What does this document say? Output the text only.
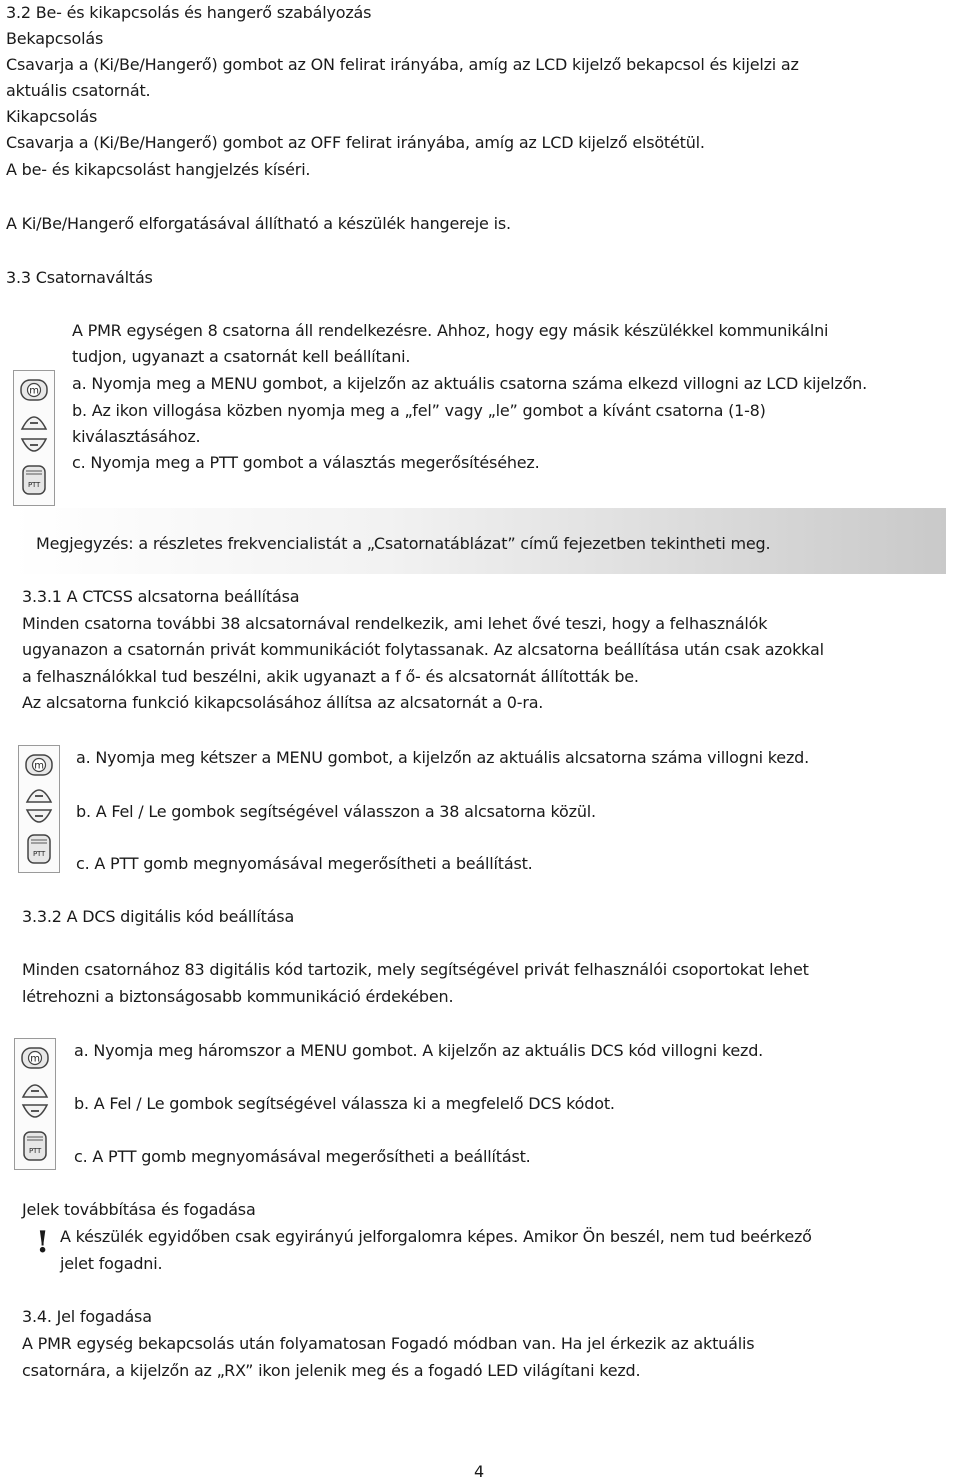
3.2 Be- és kikapcsolás és hangerő szabályozás

Bekapcsolás

Csavarja a (Ki/Be/Hangerő) gombot az ON felirat irányába, amíg az LCD kijelző bekapcsol és kijelzi az

aktuális csatornát.

Kikapcsolás

Csavarja a (Ki/Be/Hangerő) gombot az OFF felirat irányába, amíg az LCD kijelző elsötétül.

A be- és kikapcsolást hangjelzés kíséri.

A Ki/Be/Hangerő elforgatásával állítható a készülék hangereje is.

3.3 Csatornaváltás

A PMR egységen 8 csatorna áll rendelkezésre. Ahhoz, hogy egy másik készülékkel kommunikálni

tudjon, ugyanazt a csatornát kell beállítani.

m
PTT

a. Nyomja meg a MENU gombot, a kijelzőn az aktuális csatorna száma elkezd villogni az LCD kijelzőn.

b. Az ikon villogása közben nyomja meg a „fel” vagy „le” gombot a kívánt csatorna (1-8)

kiválasztásához.

c. Nyomja meg a PTT gombot a választás megerősítéséhez.

Megjegyzés: a részletes frekvencialistát a „Csatornatáblázat” című fejezetben tekintheti meg.

3.3.1 A CTCSS alcsatorna beállítása

Minden csatorna további 38 alcsatornával rendelkezik, ami lehet ővé teszi, hogy a felhasználók

ugyanazon a csatornán privát kommunikációt folytassanak. Az alcsatorna beállítása után csak azokkal

a felhasználókkal tud beszélni, akik ugyanazt a f ő- és alcsatornát állították be.

Az alcsatorna funkció kikapcsolásához állítsa az alcsatornát a 0-ra.

m
PTT

a. Nyomja meg kétszer a MENU gombot, a kijelzőn az aktuális alcsatorna száma villogni kezd.

b. A Fel / Le gombok segítségével válasszon a 38 alcsatorna közül.

c. A PTT gomb megnyomásával megerősítheti a beállítást.

3.3.2 A DCS digitális kód beállítása

Minden csatornához 83 digitális kód tartozik, mely segítségével privát felhasználói csoportokat lehet

létrehozni a biztonságosabb kommunikáció érdekében.

m
PTT

a. Nyomja meg háromszor a MENU gombot. A kijelzőn az aktuális DCS kód villogni kezd.

b. A Fel / Le gombok segítségével válassza ki a megfelelő DCS kódot.

c. A PTT gomb megnyomásával megerősítheti a beállítást.

Jelek továbbítása és fogadása

! A készülék egyidőben csak egyirányú jelforgalomra képes. Amikor Ön beszél, nem tud beérkező

jelet fogadni.

3.4. Jel fogadása

A PMR egység bekapcsolás után folyamatosan Fogadó módban van. Ha jel érkezik az aktuális

csatornára, a kijelzőn az „RX” ikon jelenik meg és a fogadó LED világítani kezd.

4
